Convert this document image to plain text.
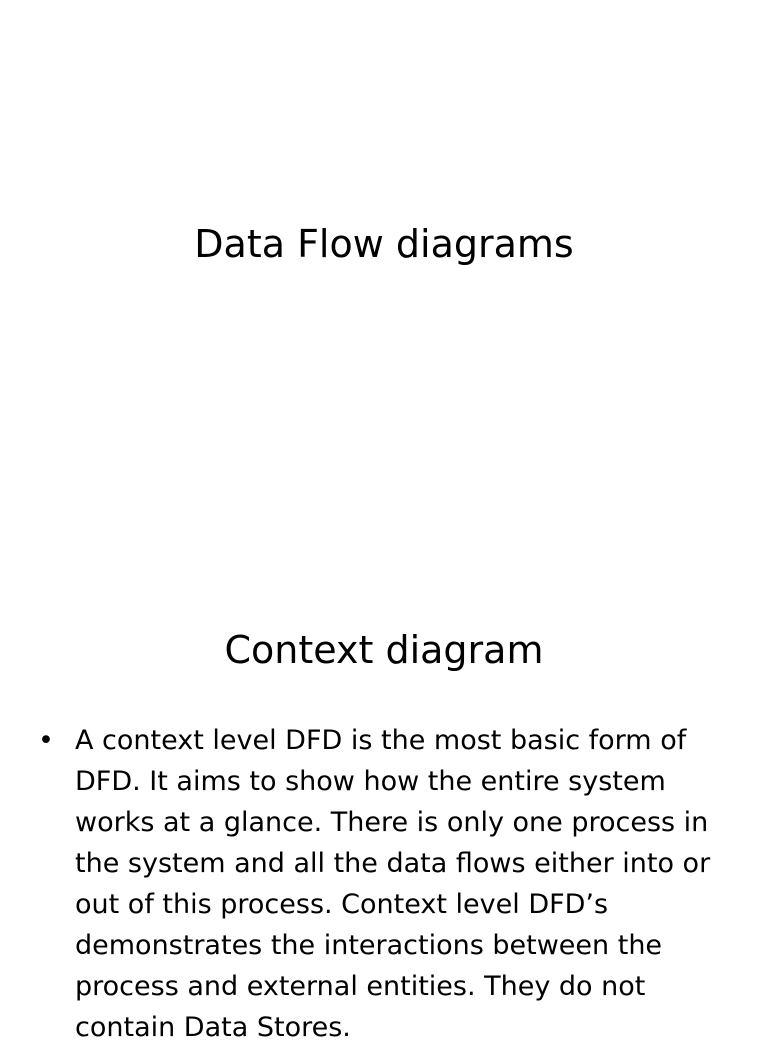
Data Flow diagrams
Context diagram
• A context level DFD is the most basic form of DFD. It aims to show how the entire system works at a glance. There is only one process in the system and all the data flows either into or out of this process. Context level DFD’s demonstrates the interactions between the process and external entities. They do not contain Data Stores.
